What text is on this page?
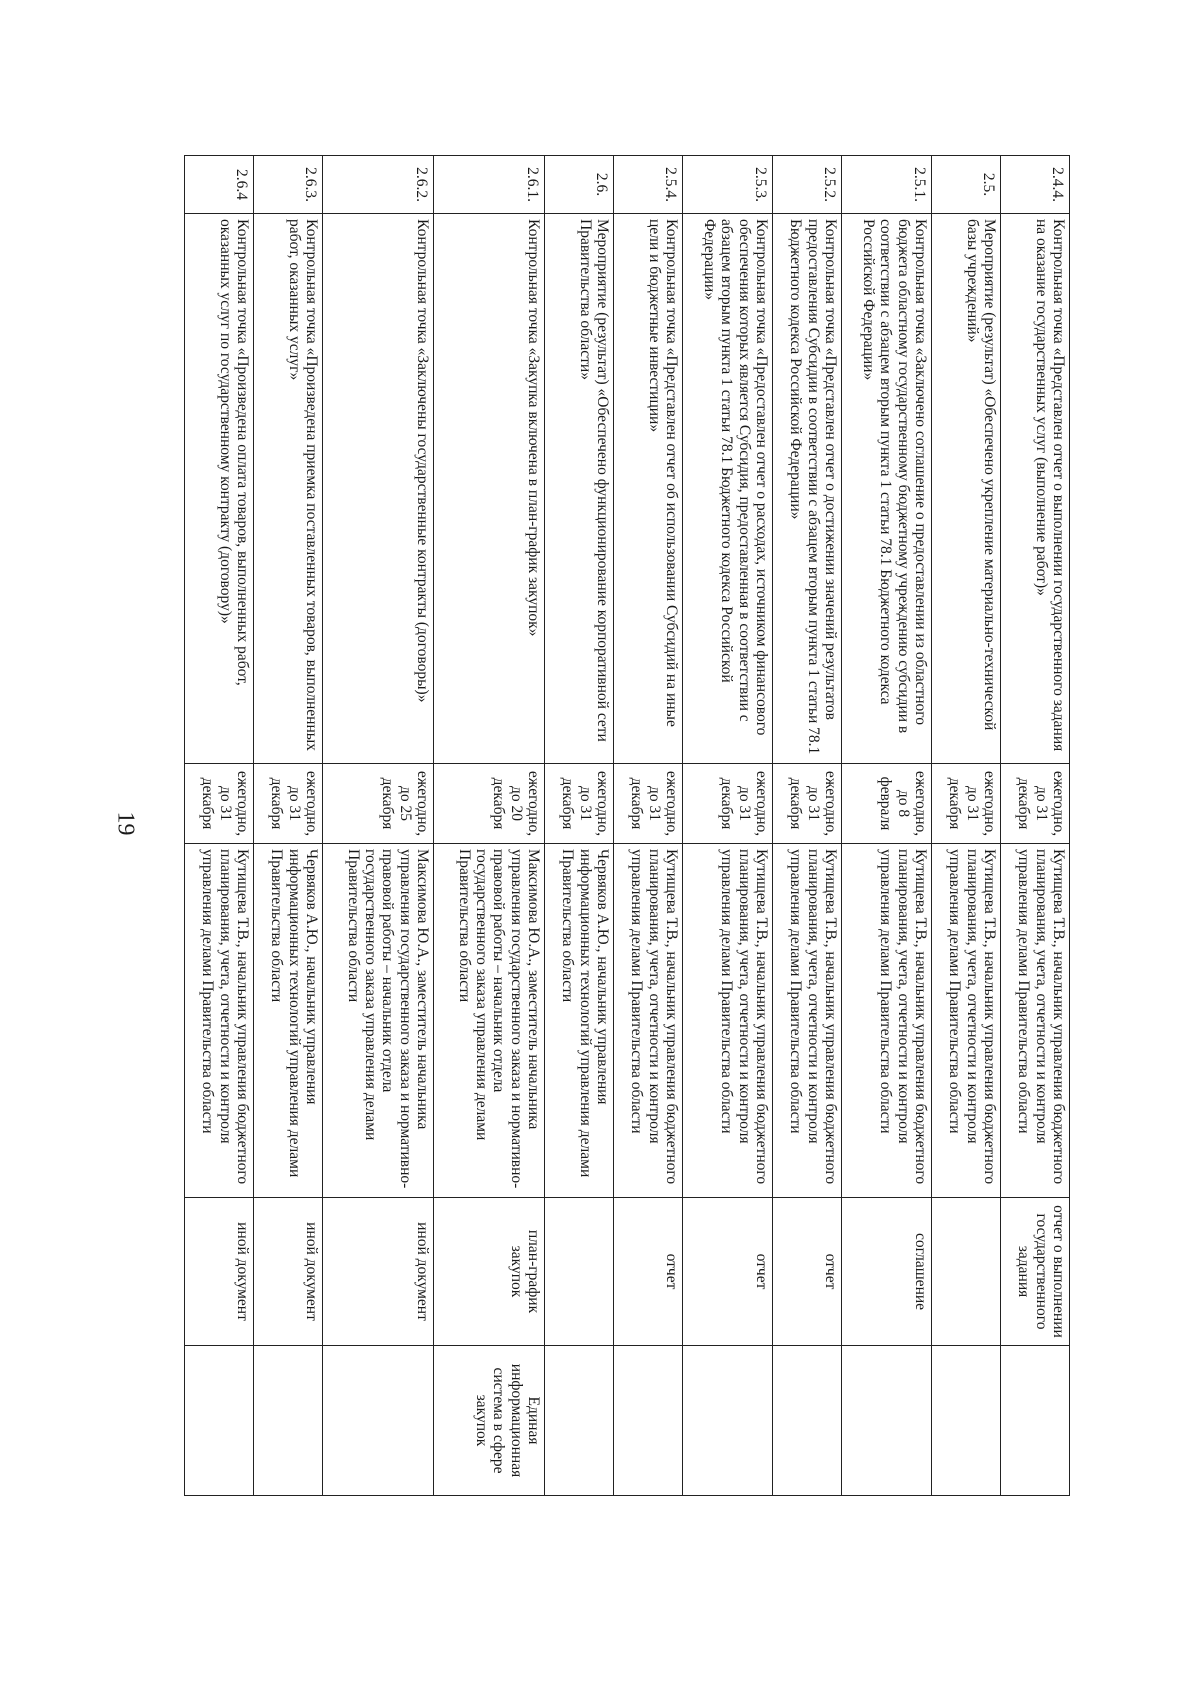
19
2.4.4.	Контрольная точка «Представлен отчет о выполнении государственного задания на оказание государственных услуг (выполнение работ)»	ежегодно, до 31 декабря	Кутищева Т.В., начальник управления бюджетного планирования, учета, отчетности и контроля управления делами Правительства области	отчет о выполнении государственного задания	
2.5.	Мероприятие (результат) «Обеспечено укрепление материально-технической базы учреждений»	ежегодно, до 31 декабря	Кутищева Т.В., начальник управления бюджетного планирования, учета, отчетности и контроля управления делами Правительства области		
2.5.1.	Контрольная точка «Заключено соглашение о предоставлении из областного бюджета областному государственному бюджетному учреждению субсидии в соответствии с абзацем вторым пункта 1 статьи 78.1 Бюджетного кодекса Российской Федерации»	ежегодно, до 8 февраля	Кутищева Т.В., начальник управления бюджетного планирования, учета, отчетности и контроля управления делами Правительства области	соглашение	
2.5.2.	Контрольная точка «Представлен отчет о достижении значений результатов предоставления Субсидии в соответствии с абзацем вторым пункта 1 статьи 78.1 Бюджетного кодекса Российской Федерации»	ежегодно, до 31 декабря	Кутищева Т.В., начальник управления бюджетного планирования, учета, отчетности и контроля управления делами Правительства области	отчет	
2.5.3.	Контрольная точка «Предоставлен отчет о расходах, источником финансового обеспечения которых является Субсидия, предоставленная в соответствии с абзацем вторым пункта 1 статьи 78.1 Бюджетного кодекса Российской Федерации»	ежегодно, до 31 декабря	Кутищева Т.В., начальник управления бюджетного планирования, учета, отчетности и контроля управления делами Правительства области	отчет	
2.5.4.	Контрольная точка «Представлен отчет об использовании Субсидий на иные цели и бюджетные инвестиции»	ежегодно, до 31 декабря	Кутищева Т.В., начальник управления бюджетного планирования, учета, отчетности и контроля управления делами Правительства области	отчет	
2.6.	Мероприятие (результат) «Обеспечено функционирование корпоративной сети Правительства области»	ежегодно, до 31 декабря	Червяков А.Ю., начальник управления информационных технологий управления делами Правительства области		
2.6.1.	Контрольная точка «Закупка включена в план-график закупок»	ежегодно, до 20 декабря	Максимова Ю.А., заместитель начальника управления государственного заказа и нормативно-правовой работы – начальник отдела государственного заказа управления делами Правительства области	план-график закупок	Единая информационная система в сфере закупок
2.6.2.	Контрольная точка «Заключены государственные контракты (договоры)»	ежегодно, до 25 декабря	Максимова Ю.А., заместитель начальника управления государственного заказа и нормативно-правовой работы – начальник отдела государственного заказа управления делами Правительства области	иной документ	
2.6.3.	Контрольная точка «Произведена приемка поставленных товаров, выполненных работ, оказанных услуг»	ежегодно, до 31 декабря	Червяков А.Ю., начальник управления информационных технологий управления делами Правительства области	иной документ	
2.6.4	Контрольная точка «Произведена оплата товаров, выполненных работ, оказанных услуг по государственному контракту (договору)»	ежегодно, до 31 декабря	Кутищева Т.В., начальник управления бюджетного планирования, учета, отчетности и контроля управления делами Правительства области	иной документ	
